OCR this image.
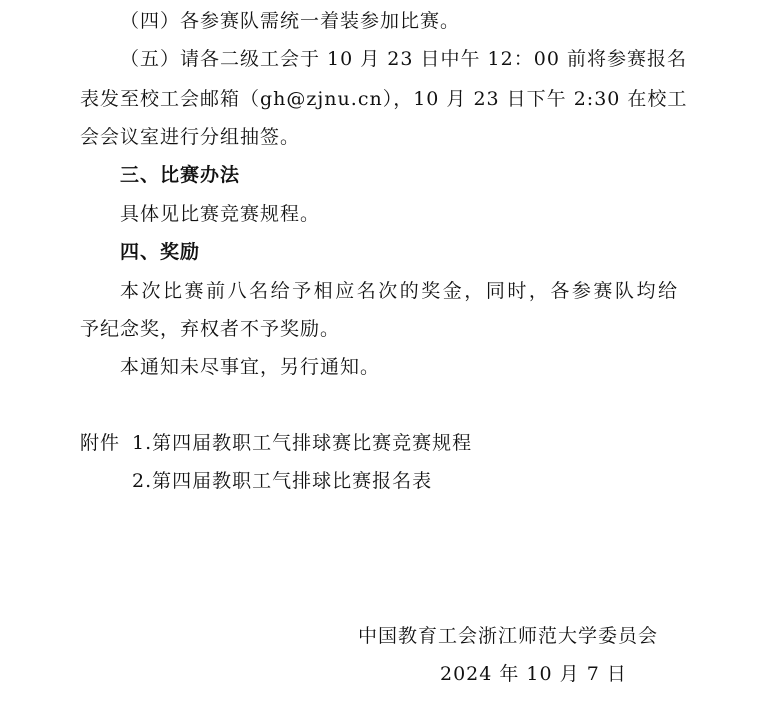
（四）各参赛队需统一着装参加比赛。
（五）请各二级工会于 10 月 23 日中午 12：00 前将参赛报名
表发至校工会邮箱（gh@zjnu.cn），10 月 23 日下午 2:30 在校工
会会议室进行分组抽签。
三、比赛办法
具体见比赛竞赛规程。
四、奖励
本次比赛前八名给予相应名次的奖金，同时，各参赛队均给
予纪念奖，弃权者不予奖励。
本通知未尽事宜，另行通知。
附件 1.第四届教职工气排球赛比赛竞赛规程
2.第四届教职工气排球比赛报名表
中国教育工会浙江师范大学委员会
2024 年 10 月 7 日
